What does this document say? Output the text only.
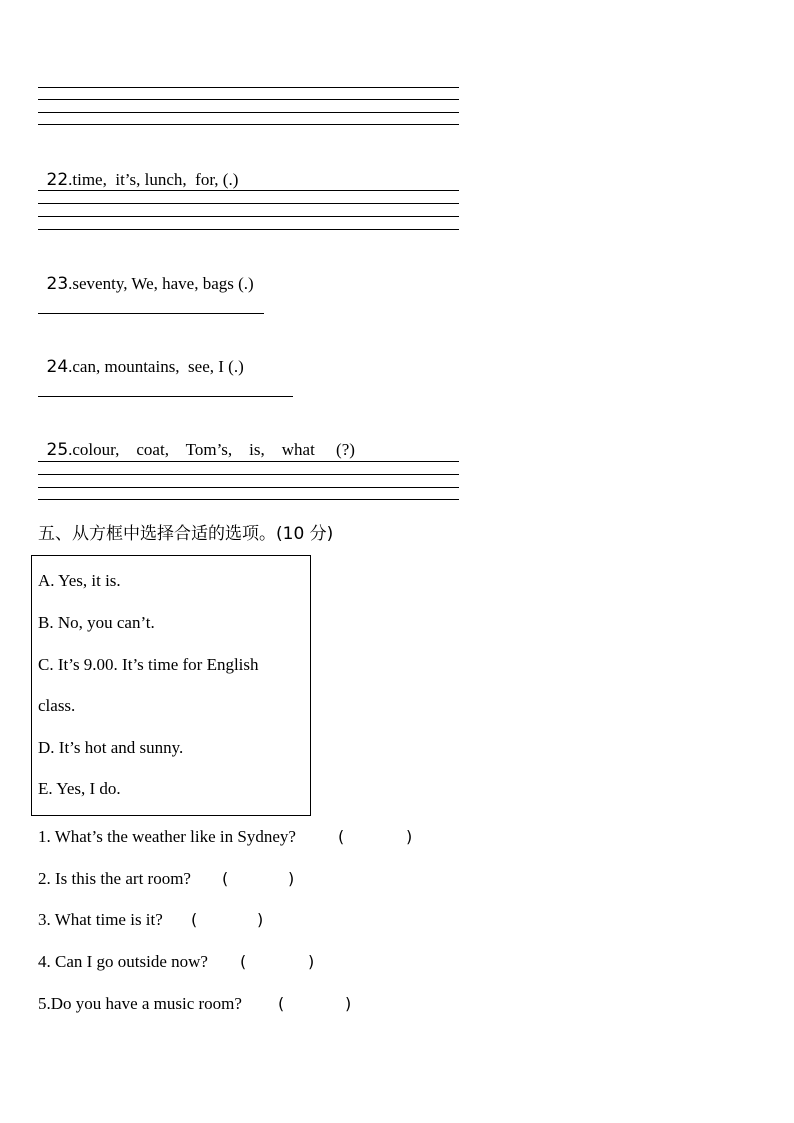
22.time,  it’s, lunch,  for, (.)

23.seventy, We, have, bags (.)

24.can, mountains,  see, I (.)

25.colour,    coat,    Tom’s,    is,    what     (?)

五、从方框中选择合适的选项。(10 分)
A. Yes, it is.
B. No, you can’t.
C. It’s 9.00. It’s time for English
class.
D. It’s hot and sunny.
E. Yes, I do.
1. What’s the weather like in Sydney?	(	)
2. Is this the art room? (	)
3. What time is it? (	)
4. Can I go outside now? (	)
5.Do you have a music room? (	)
